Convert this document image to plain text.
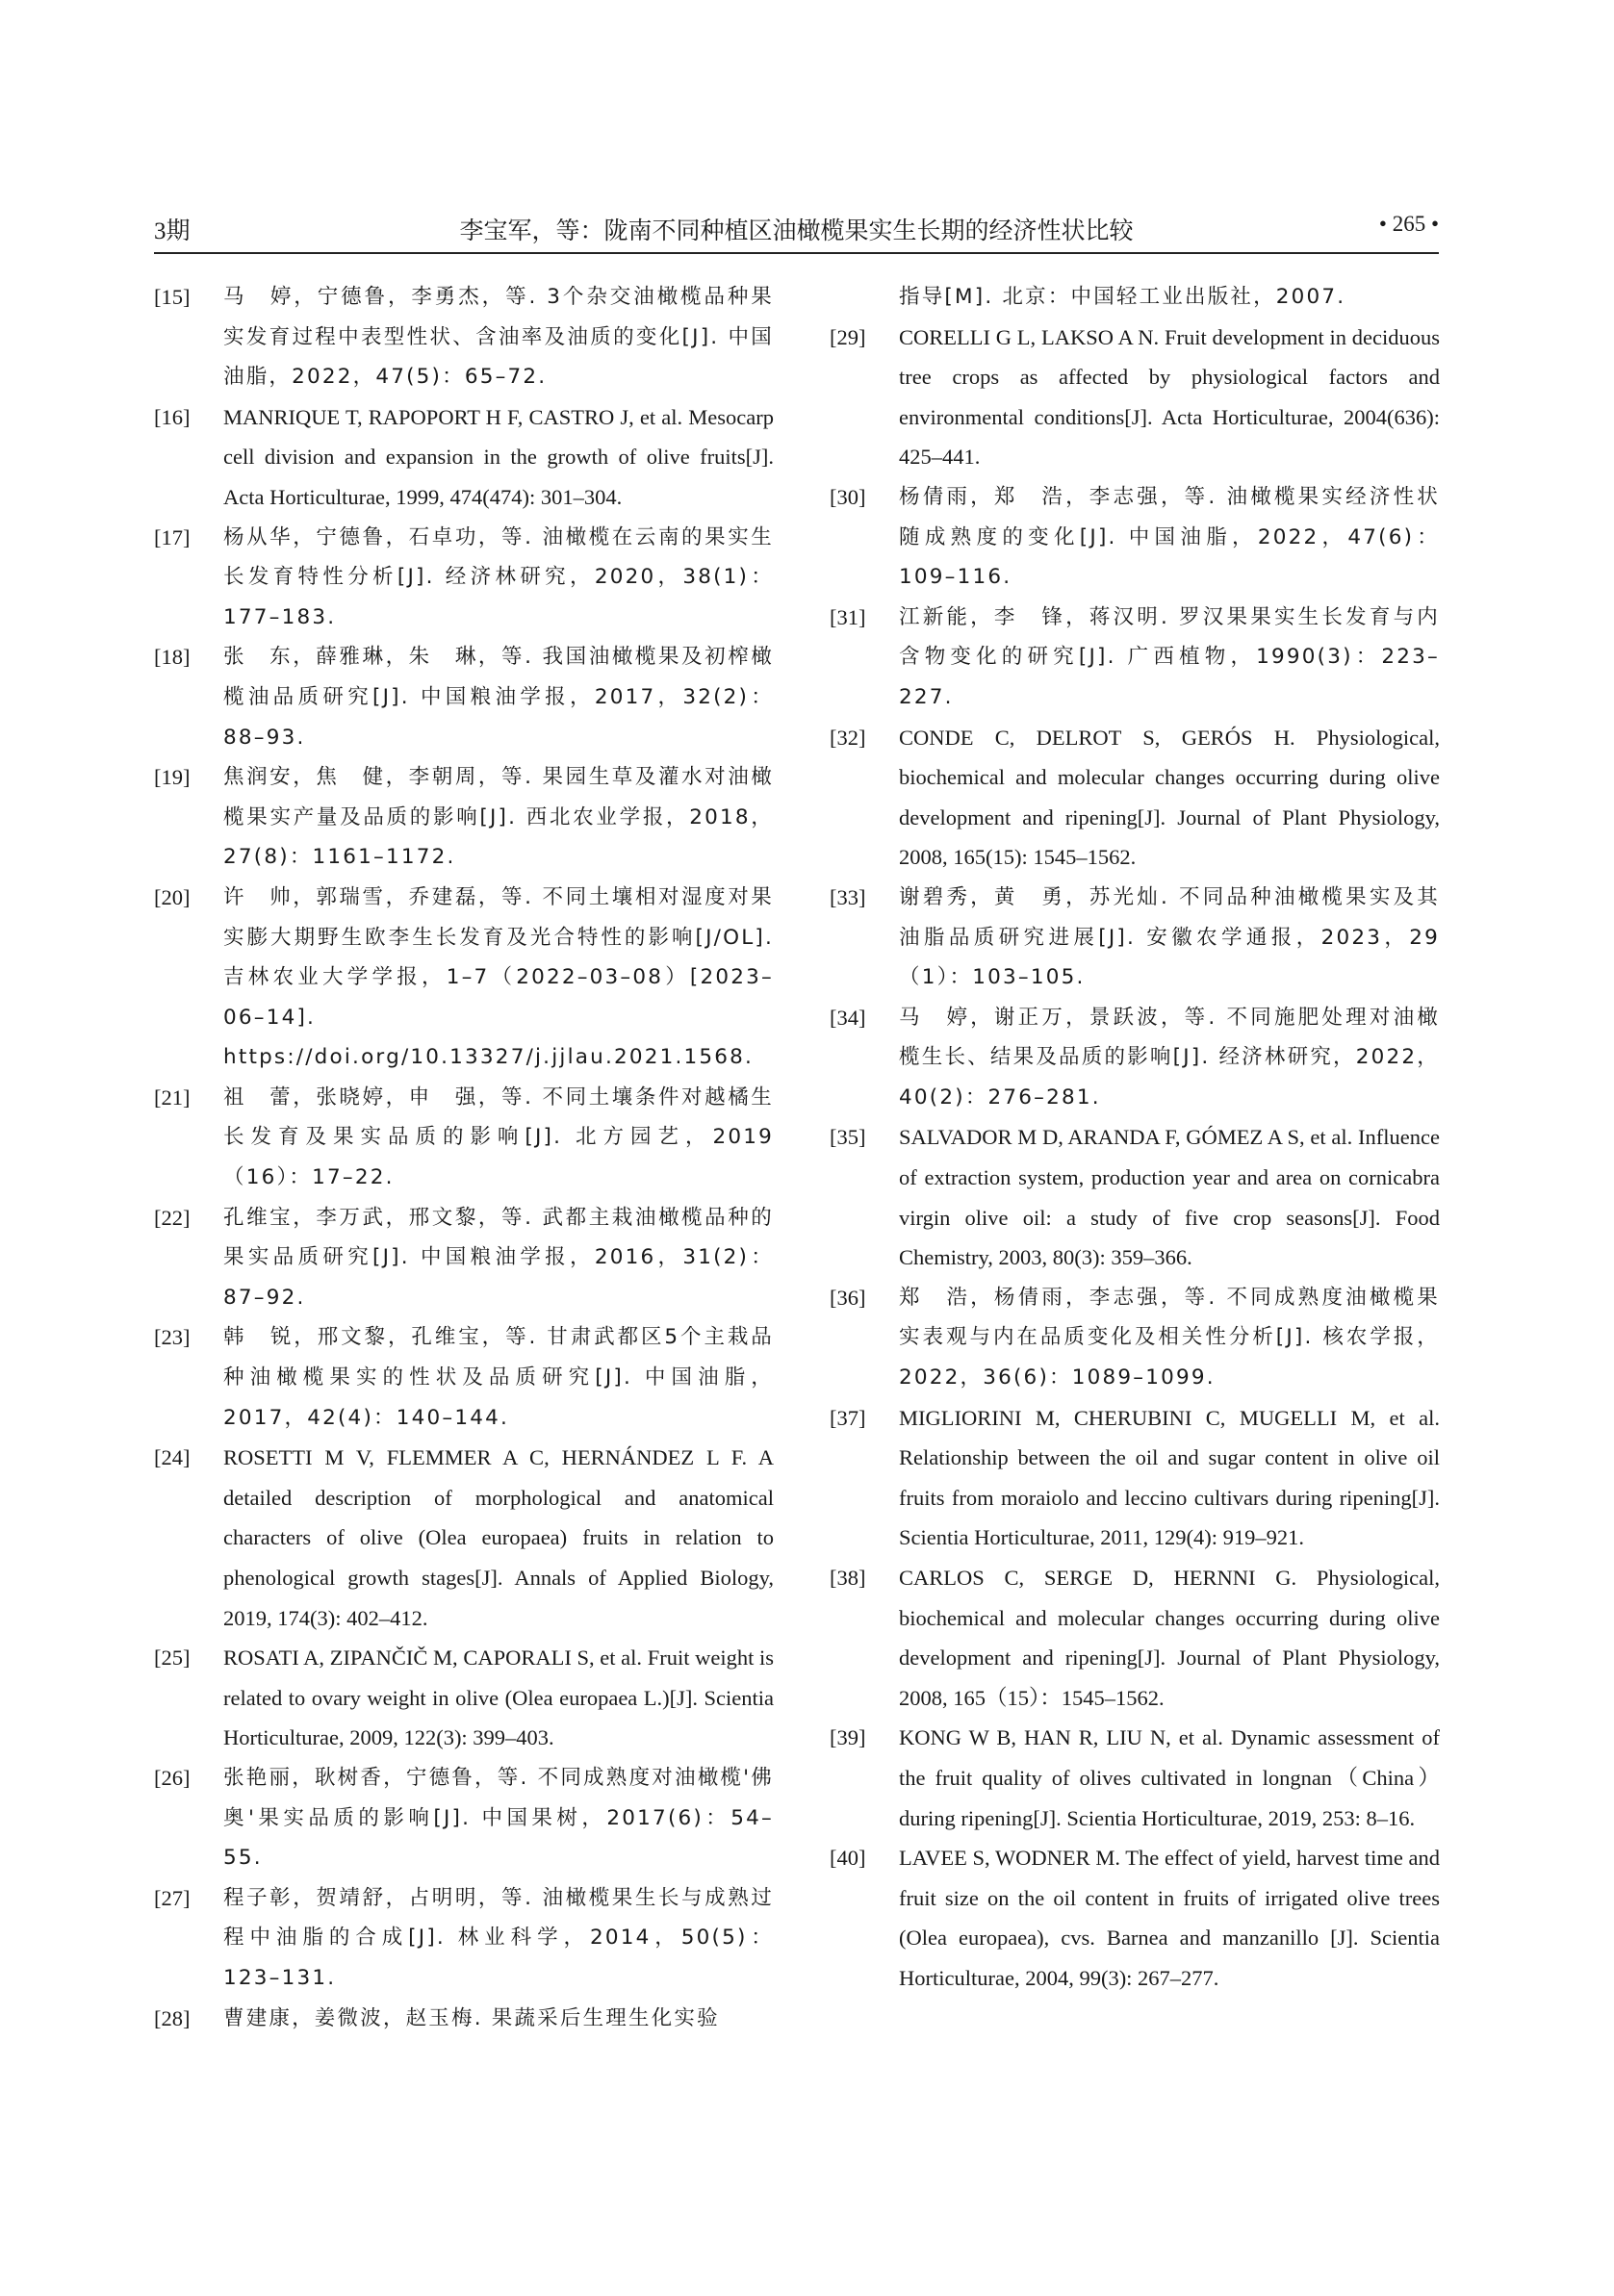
3期	李宝军，等：陇南不同种植区油橄榄果实生长期的经济性状比较	• 265 •
[15] 马　婷，宁德鲁，李勇杰，等. 3个杂交油橄榄品种果实发育过程中表型性状、含油率及油质的变化[J]. 中国油脂，2022，47(5)：65–72.
[16] MANRIQUE T, RAPOPORT H F, CASTRO J, et al. Mesocarp cell division and expansion in the growth of olive fruits[J]. Acta Horticulturae, 1999, 474(474): 301–304.
[17] 杨从华，宁德鲁，石卓功，等. 油橄榄在云南的果实生长发育特性分析[J]. 经济林研究，2020，38(1)：177–183.
[18] 张　东，薛雅琳，朱　琳，等. 我国油橄榄果及初榨橄榄油品质研究[J]. 中国粮油学报，2017，32(2)：88–93.
[19] 焦润安，焦　健，李朝周，等. 果园生草及灌水对油橄榄果实产量及品质的影响[J]. 西北农业学报，2018，27(8)：1161–1172.
[20] 许　帅，郭瑞雪，乔建磊，等. 不同土壤相对湿度对果实膨大期野生欧李生长发育及光合特性的影响[J/OL]. 吉林农业大学学报，1–7（2022–03–08）[2023–06–14]. https://doi.org/10.13327/j.jjlau.2021.1568.
[21] 祖　蕾，张晓婷，申　强，等. 不同土壤条件对越橘生长发育及果实品质的影响[J]. 北方园艺，2019（16）：17–22.
[22] 孔维宝，李万武，邢文黎，等. 武都主栽油橄榄品种的果实品质研究[J]. 中国粮油学报，2016，31(2)：87–92.
[23] 韩　锐，邢文黎，孔维宝，等. 甘肃武都区5个主栽品种油橄榄果实的性状及品质研究[J]. 中国油脂，2017，42(4)：140–144.
[24] ROSETTI M V, FLEMMER A C, HERNÁNDEZ L F. A detailed description of morphological and anatomical characters of olive (Olea europaea) fruits in relation to phenological growth stages[J]. Annals of Applied Biology, 2019, 174(3): 402–412.
[25] ROSATI A, ZIPANČIČ M, CAPORALI S, et al. Fruit weight is related to ovary weight in olive (Olea europaea L.)[J]. Scientia Horticulturae, 2009, 122(3): 399–403.
[26] 张艳丽，耿树香，宁德鲁，等. 不同成熟度对油橄榄'佛奥'果实品质的影响[J]. 中国果树，2017(6)：54–55.
[27] 程子彰，贺靖舒，占明明，等. 油橄榄果生长与成熟过程中油脂的合成[J]. 林业科学，2014，50(5)：123–131.
[28] 曹建康，姜微波，赵玉梅. 果蔬采后生理生化实验
指导[M]. 北京：中国轻工业出版社，2007.
[29] CORELLI G L, LAKSO A N. Fruit development in deciduous tree crops as affected by physiological factors and environmental conditions[J]. Acta Horticulturae, 2004(636): 425–441.
[30] 杨倩雨，郑　浩，李志强，等. 油橄榄果实经济性状随成熟度的变化[J]. 中国油脂，2022，47(6)：109–116.
[31] 江新能，李　锋，蒋汉明. 罗汉果果实生长发育与内含物变化的研究[J]. 广西植物，1990(3)：223–227.
[32] CONDE C, DELROT S, GERÓS H. Physiological, biochemical and molecular changes occurring during olive development and ripening[J]. Journal of Plant Physiology, 2008, 165(15): 1545–1562.
[33] 谢碧秀，黄　勇，苏光灿. 不同品种油橄榄果实及其油脂品质研究进展[J]. 安徽农学通报，2023，29（1）：103–105.
[34] 马　婷，谢正万，景跃波，等. 不同施肥处理对油橄榄生长、结果及品质的影响[J]. 经济林研究，2022，40(2)：276–281.
[35] SALVADOR M D, ARANDA F, GÓMEZ A S, et al. Influence of extraction system, production year and area on cornicabra virgin olive oil: a study of five crop seasons[J]. Food Chemistry, 2003, 80(3): 359–366.
[36] 郑　浩，杨倩雨，李志强，等. 不同成熟度油橄榄果实表观与内在品质变化及相关性分析[J]. 核农学报，2022，36(6)：1089–1099.
[37] MIGLIORINI M, CHERUBINI C, MUGELLI M, et al. Relationship between the oil and sugar content in olive oil fruits from moraiolo and leccino cultivars during ripening[J]. Scientia Horticulturae, 2011, 129(4): 919–921.
[38] CARLOS C, SERGE D, HERNNI G. Physiological, biochemical and molecular changes occurring during olive development and ripening[J]. Journal of Plant Physiology, 2008, 165（15）：1545–1562.
[39] KONG W B, HAN R, LIU N, et al. Dynamic assessment of the fruit quality of olives cultivated in longnan（China）during ripening[J]. Scientia Horticulturae, 2019, 253: 8–16.
[40] LAVEE S, WODNER M. The effect of yield, harvest time and fruit size on the oil content in fruits of irrigated olive trees (Olea europaea), cvs. Barnea and manzanillo [J]. Scientia Horticulturae, 2004, 99(3): 267–277.
